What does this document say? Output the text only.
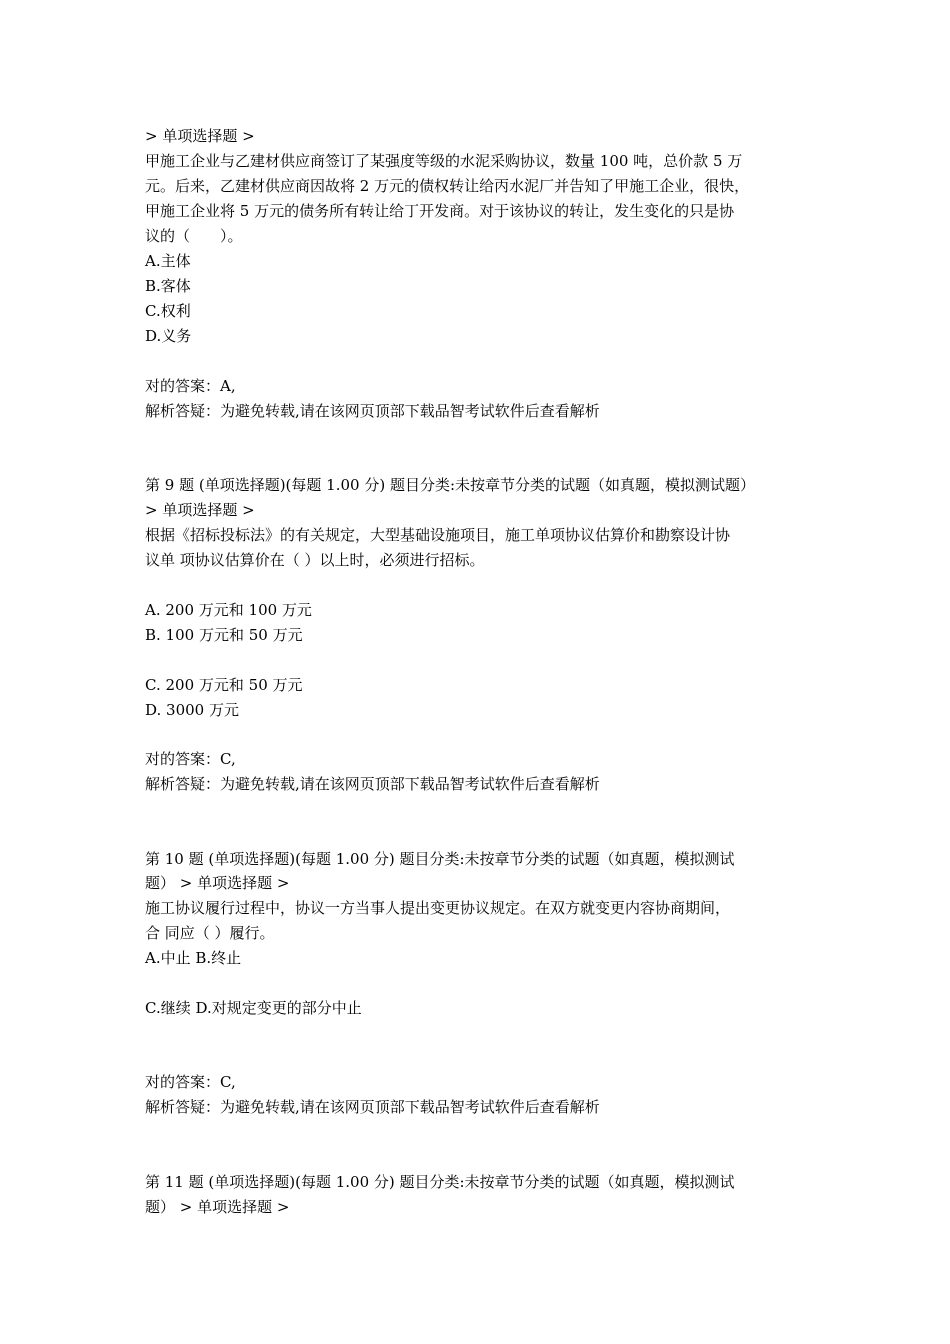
> 单项选择题 >
甲施工企业与乙建材供应商签订了某强度等级的水泥采购协议，数量 100 吨，总价款 5 万
元。后来，乙建材供应商因故将 2 万元的债权转让给丙水泥厂并告知了甲施工企业，很快，
甲施工企业将 5 万元的债务所有转让给丁开发商。对于该协议的转让，发生变化的只是协
议的（　　）。
A.主体
B.客体
C.权利
D.义务
对的答案：A,
解析答疑：为避免转载,请在该网页顶部下载品智考试软件后查看解析
第 9 题 (单项选择题)(每题 1.00 分) 题目分类:未按章节分类的试题（如真题，模拟测试题）
> 单项选择题 >
根据《招标投标法》的有关规定，大型基础设施项目，施工单项协议估算价和勘察设计协
议单 项协议估算价在（ ）以上时，必须进行招标。
A. 200 万元和 100 万元
B. 100 万元和 50 万元
C. 200 万元和 50 万元
D. 3000 万元
对的答案：C,
解析答疑：为避免转载,请在该网页顶部下载品智考试软件后查看解析
第 10 题 (单项选择题)(每题 1.00 分) 题目分类:未按章节分类的试题（如真题，模拟测试
题） > 单项选择题 >
施工协议履行过程中，协议一方当事人提出变更协议规定。在双方就变更内容协商期间，
合 同应（ ）履行。
A.中止 B.终止
C.继续 D.对规定变更的部分中止
对的答案：C,
解析答疑：为避免转载,请在该网页顶部下载品智考试软件后查看解析
第 11 题 (单项选择题)(每题 1.00 分) 题目分类:未按章节分类的试题（如真题，模拟测试
题） > 单项选择题 >
